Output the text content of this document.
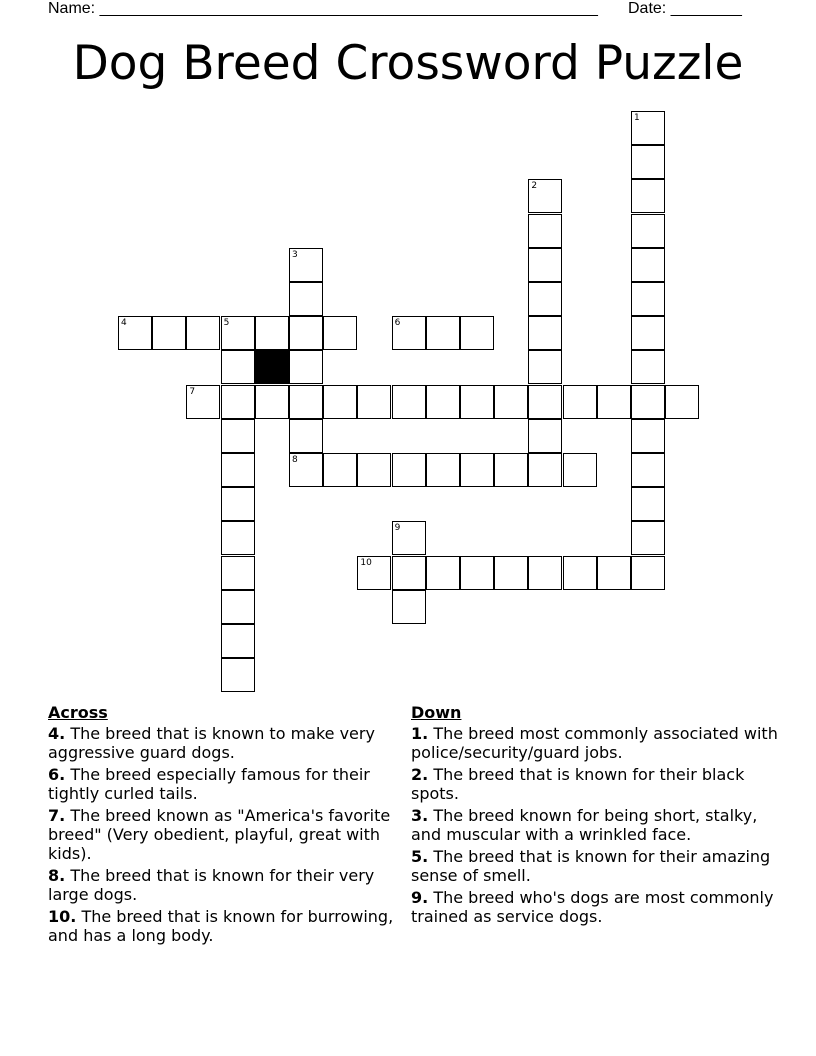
Name: ________________________________________________________ Date: ________
Dog Breed Crossword Puzzle
1
2
3
8
4	5	6
7
9
10
Across
4. The breed that is known to make very aggressive guard dogs.
6. The breed especially famous for their tightly curled tails.
7. The breed known as "America's favorite breed" (Very obedient, playful, great with kids).
8. The breed that is known for their very large dogs.
10. The breed that is known for burrowing, and has a long body.
Down
1. The breed most commonly associated with police/security/guard jobs.
2. The breed that is known for their black spots.
3. The breed known for being short, stalky, and muscular with a wrinkled face.
5. The breed that is known for their amazing sense of smell.
9. The breed who's dogs are most commonly trained as service dogs.
